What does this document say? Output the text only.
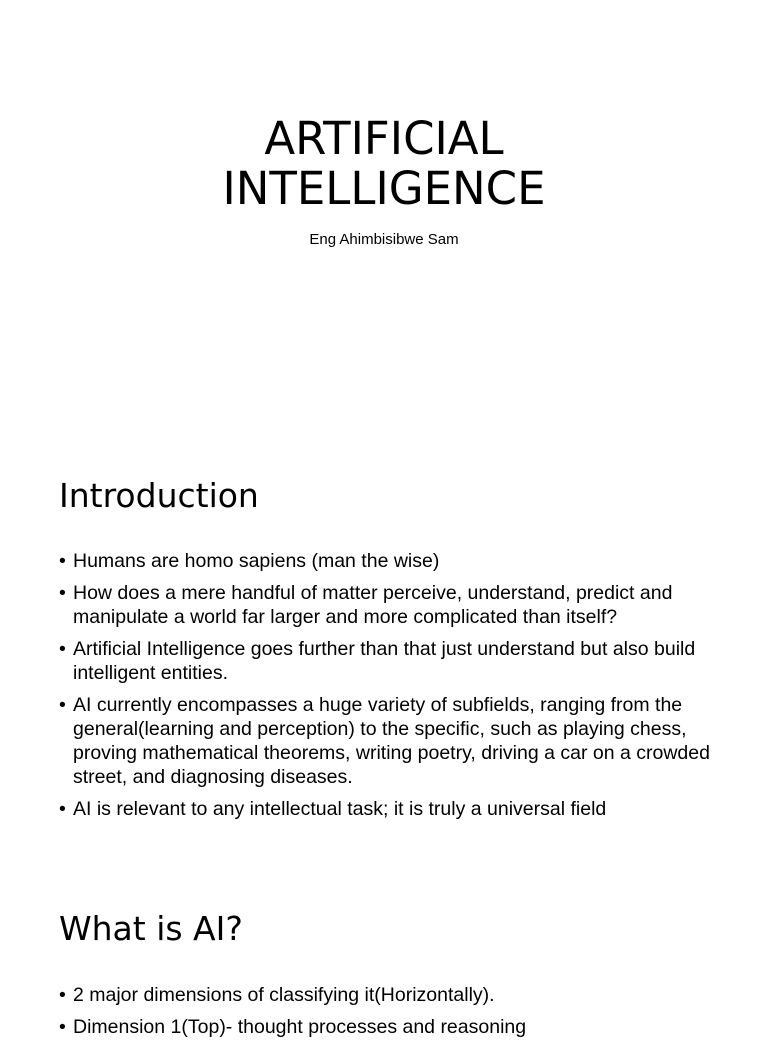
ARTIFICIAL
INTELLIGENCE

Eng Ahimbisibwe Sam

Introduction
• Humans are homo sapiens (man the wise)
• How does a mere handful of matter perceive, understand, predict and manipulate a world far larger and more complicated than itself?
• Artificial Intelligence goes further than that just understand but also build intelligent entities.
• AI currently encompasses a huge variety of subfields, ranging from the general(learning and perception) to the specific, such as playing chess, proving mathematical theorems, writing poetry, driving a car on a crowded street, and diagnosing diseases.
• AI is relevant to any intellectual task; it is truly a universal field
What is AI?
• 2 major dimensions of classifying it(Horizontally).
• Dimension 1(Top)- thought processes and reasoning
